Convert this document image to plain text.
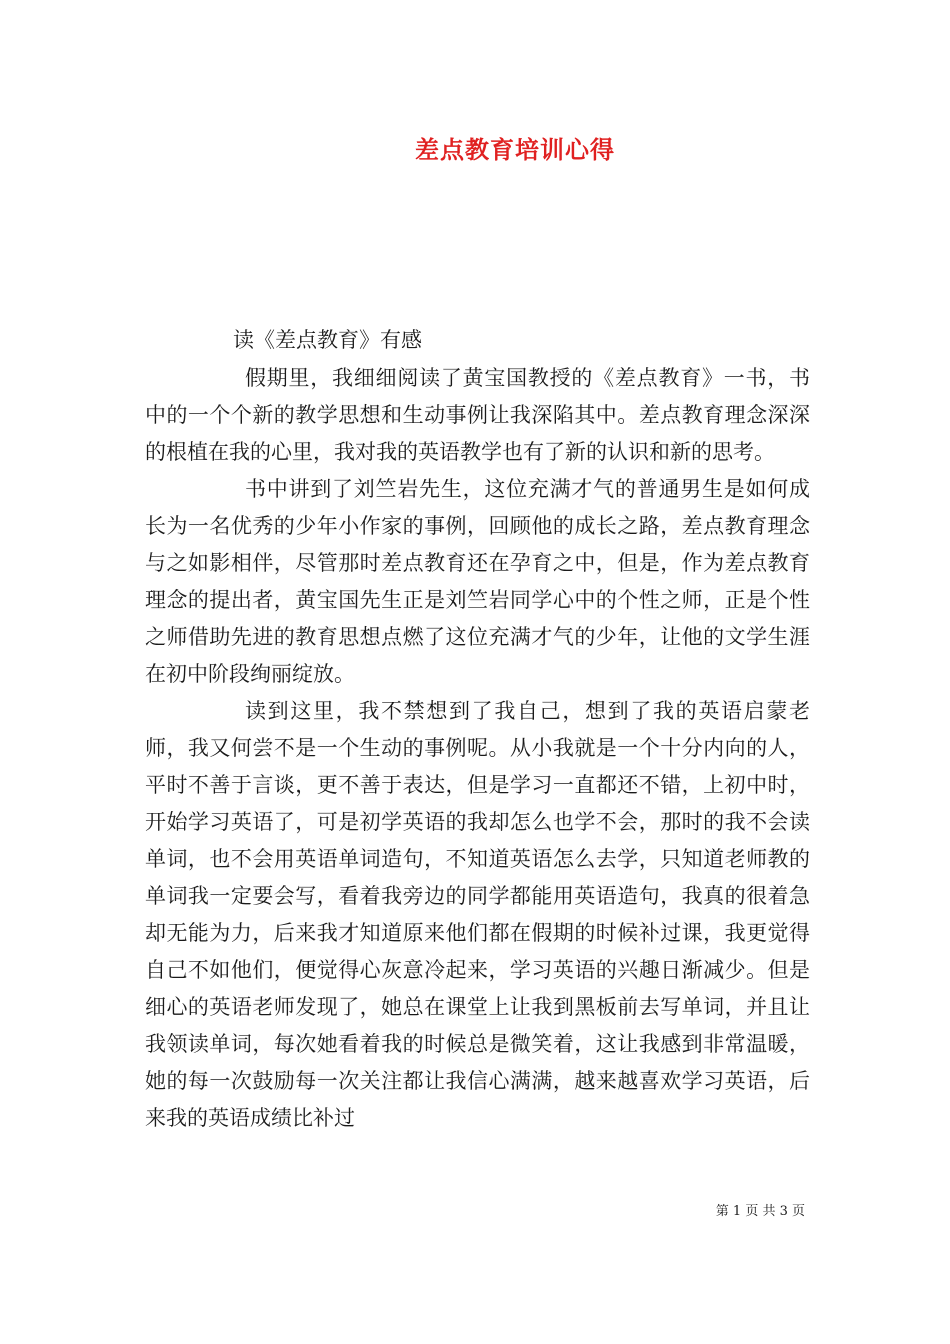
差点教育培训心得
读《差点教育》有感

假期里，我细细阅读了黄宝国教授的《差点教育》一书，书中的一个个新的教学思想和生动事例让我深陷其中。差点教育理念深深的根植在我的心里，我对我的英语教学也有了新的认识和新的思考。

书中讲到了刘竺岩先生，这位充满才气的普通男生是如何成长为一名优秀的少年小作家的事例，回顾他的成长之路，差点教育理念与之如影相伴，尽管那时差点教育还在孕育之中，但是，作为差点教育理念的提出者，黄宝国先生正是刘竺岩同学心中的个性之师，正是个性之师借助先进的教育思想点燃了这位充满才气的少年，让他的文学生涯在初中阶段绚丽绽放。

读到这里，我不禁想到了我自己，想到了我的英语启蒙老师，我又何尝不是一个生动的事例呢。从小我就是一个十分内向的人，平时不善于言谈，更不善于表达，但是学习一直都还不错，上初中时，开始学习英语了，可是初学英语的我却怎么也学不会，那时的我不会读单词，也不会用英语单词造句，不知道英语怎么去学，只知道老师教的单词我一定要会写，看着我旁边的同学都能用英语造句，我真的很着急却无能为力，后来我才知道原来他们都在假期的时候补过课，我更觉得自己不如他们，便觉得心灰意冷起来，学习英语的兴趣日渐减少。但是细心的英语老师发现了，她总在课堂上让我到黑板前去写单词，并且让我领读单词，每次她看着我的时候总是微笑着，这让我感到非常温暖，她的每一次鼓励每一次关注都让我信心满满，越来越喜欢学习英语，后来我的英语成绩比补过

第 1 页 共 3 页
